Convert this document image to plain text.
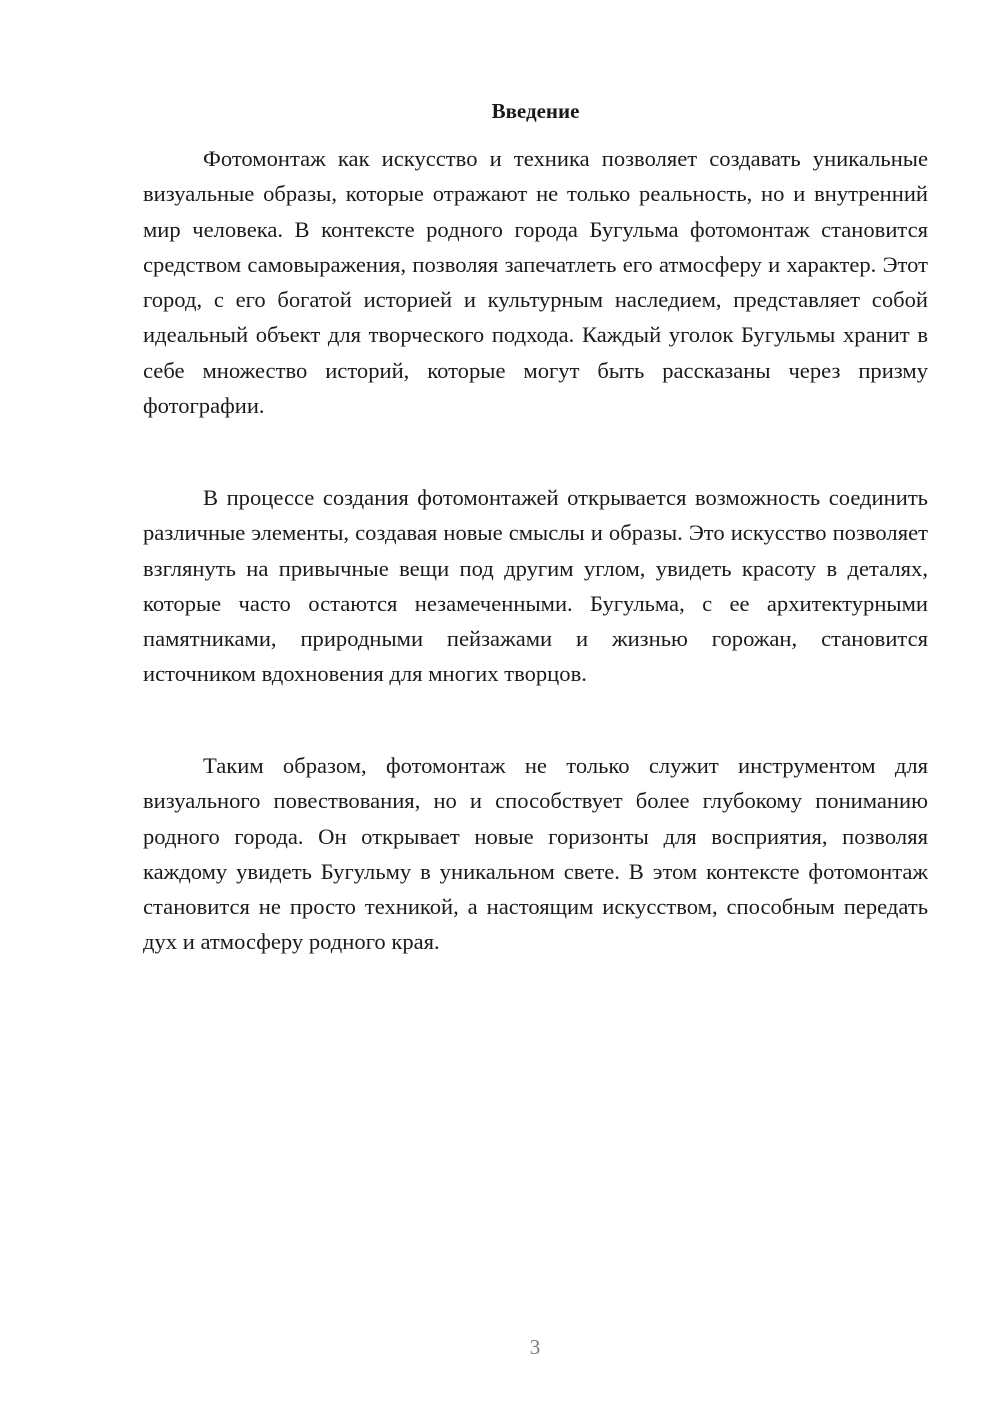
Введение

Фотомонтаж как искусство и техника позволяет создавать уникальные визуальные образы, которые отражают не только реальность, но и внутренний мир человека. В контексте родного города Бугульма фотомонтаж становится средством самовыражения, позволяя запечатлеть его атмосферу и характер. Этот город, с его богатой историей и культурным наследием, представляет собой идеальный объект для творческого подхода. Каждый уголок Бугульмы хранит в себе множество историй, которые могут быть рассказаны через призму фотографии.

В процессе создания фотомонтажей открывается возможность соединить различные элементы, создавая новые смыслы и образы. Это искусство позволяет взглянуть на привычные вещи под другим углом, увидеть красоту в деталях, которые часто остаются незамеченными. Бугульма, с ее архитектурными памятниками, природными пейзажами и жизнью горожан, становится источником вдохновения для многих творцов.

Таким образом, фотомонтаж не только служит инструментом для визуального повествования, но и способствует более глубокому пониманию родного города. Он открывает новые горизонты для восприятия, позволяя каждому увидеть Бугульму в уникальном свете. В этом контексте фотомонтаж становится не просто техникой, а настоящим искусством, способным передать дух и атмосферу родного края.

3
